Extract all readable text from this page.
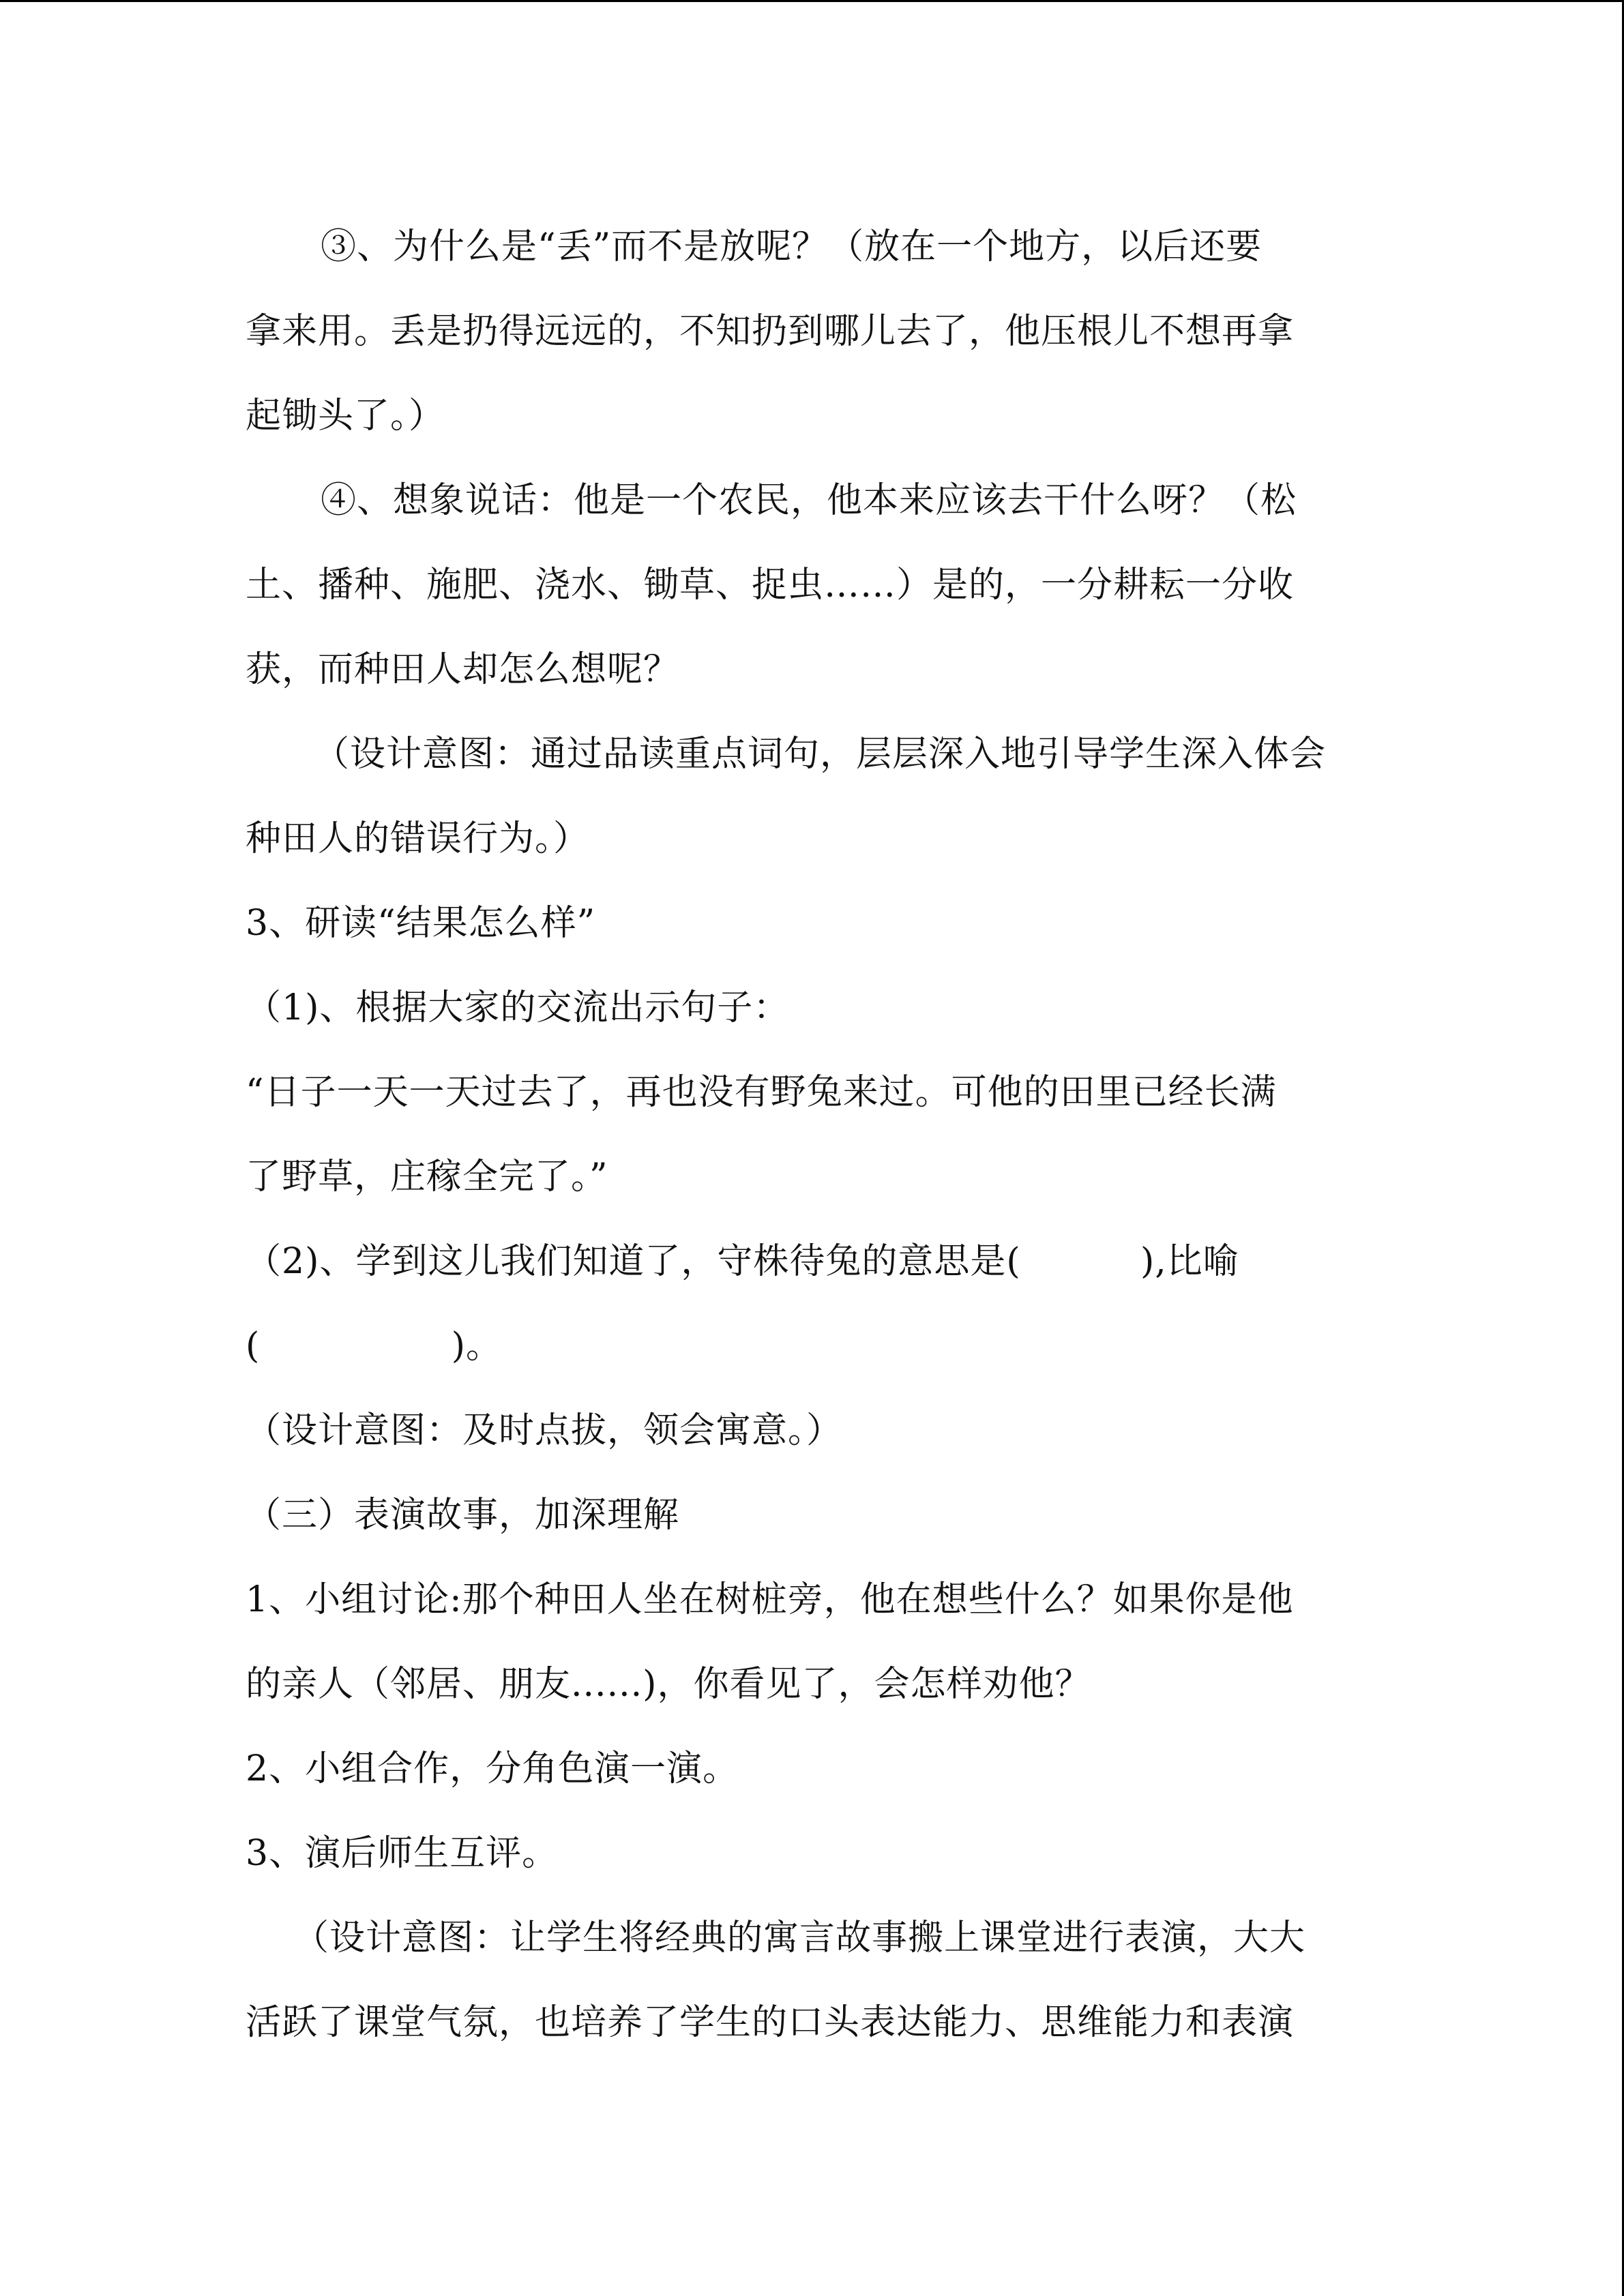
③、为什么是“丢”而不是放呢？（放在一个地方，以后还要
拿来用。丢是扔得远远的，不知扔到哪儿去了，他压根儿不想再拿
起锄头了。）
④、想象说话：他是一个农民，他本来应该去干什么呀？（松
土、播种、施肥、浇水、锄草、捉虫……）是的，一分耕耘一分收
获，而种田人却怎么想呢？
（设计意图：通过品读重点词句，层层深入地引导学生深入体会
种田人的错误行为。）
3、研读“结果怎么样”
（1)、根据大家的交流出示句子：
“日子一天一天过去了，再也没有野兔来过。可他的田里已经长满
了野草，庄稼全完了。”
（2)、学到这儿我们知道了，守株待兔的意思是(          ),比喻
(                )。
（设计意图：及时点拔，领会寓意。）
（三）表演故事，加深理解
1、小组讨论:那个种田人坐在树桩旁，他在想些什么？如果你是他
的亲人（邻居、朋友......)，你看见了，会怎样劝他？
2、小组合作，分角色演一演。
3、演后师生互评。
（设计意图：让学生将经典的寓言故事搬上课堂进行表演，大大
活跃了课堂气氛，也培养了学生的口头表达能力、思维能力和表演
